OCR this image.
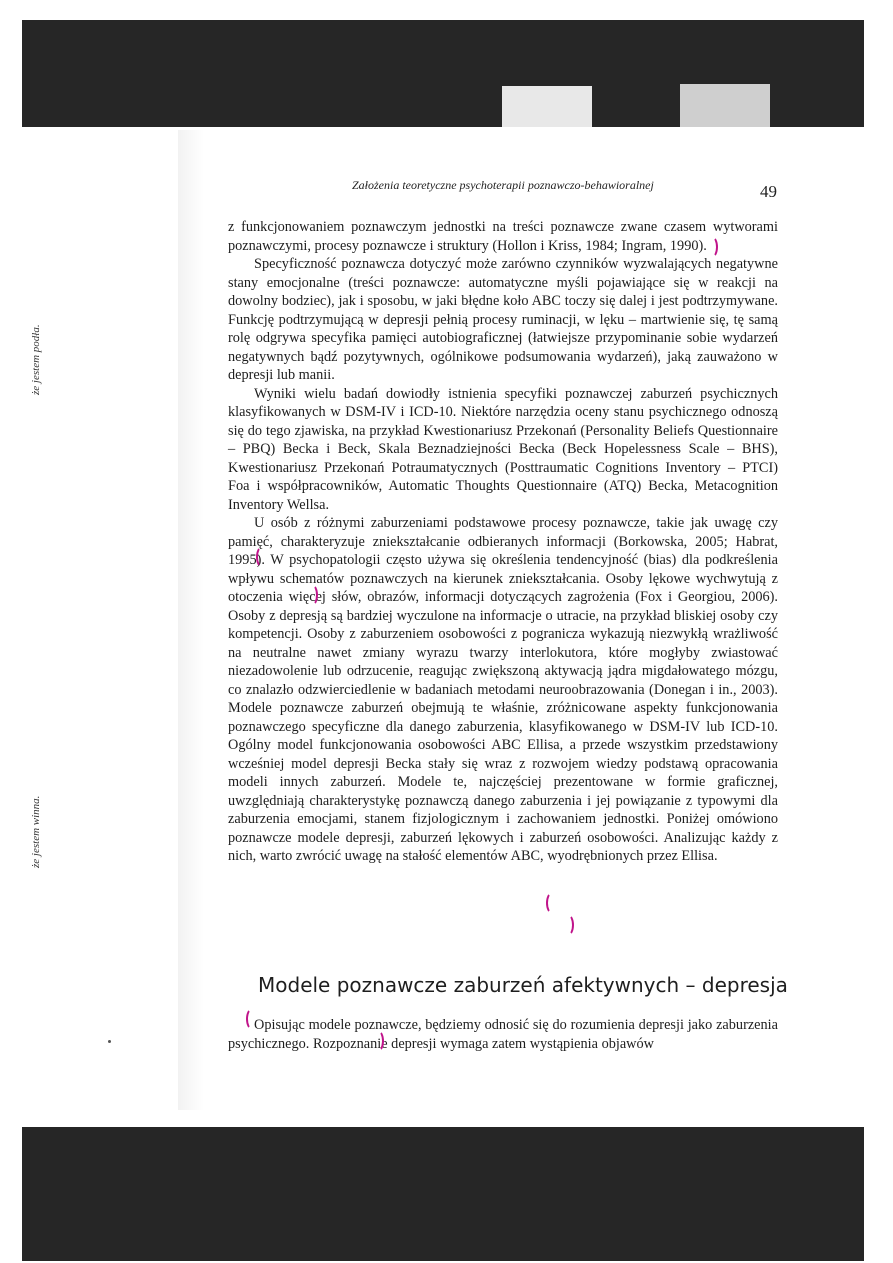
że jestem podła.
że jestem winna.
Założenia teoretyczne psychoterapii poznawczo-behawioralnej	49

z funkcjonowaniem poznawczym jednostki na treści poznawcze zwane czasem wytworami poznawczymi, procesy poznawcze i struktury (Hollon i Kriss, 1984; Ingram, 1990).

Specyficzność poznawcza dotyczyć może zarówno czynników wyzwalających negatywne stany emocjonalne (treści poznawcze: automatyczne myśli pojawiające się w reakcji na dowolny bodziec), jak i sposobu, w jaki błędne koło ABC toczy się dalej i jest podtrzymywane. Funkcję podtrzymującą w depresji pełnią procesy ruminacji, w lęku – martwienie się, tę samą rolę odgrywa specyfika pamięci autobiograficznej (łatwiejsze przypominanie sobie wydarzeń negatywnych bądź pozytywnych, ogólnikowe podsumowania wydarzeń), jaką zauważono w depresji lub manii.

Wyniki wielu badań dowiodły istnienia specyfiki poznawczej zaburzeń psychicznych klasyfikowanych w DSM-IV i ICD-10. Niektóre narzędzia oceny stanu psychicznego odnoszą się do tego zjawiska, na przykład Kwestionariusz Przekonań (Personality Beliefs Questionnaire – PBQ) Becka i Beck, Skala Beznadziejności Becka (Beck Hopelessness Scale – BHS), Kwestionariusz Przekonań Potraumatycznych (Posttraumatic Cognitions Inventory – PTCI) Foa i współpracowników, Automatic Thoughts Questionnaire (ATQ) Becka, Metacognition Inventory Wellsa.

U osób z różnymi zaburzeniami podstawowe procesy poznawcze, takie jak uwagę czy pamięć, charakteryzuje zniekształcanie odbieranych informacji (Borkowska, 2005; Habrat, 1995). W psychopatologii często używa się określenia tendencyjność (bias) dla podkreślenia wpływu schematów poznawczych na kierunek zniekształcania. Osoby lękowe wychwytują z otoczenia więcej słów, obrazów, informacji dotyczących zagrożenia (Fox i Georgiou, 2006). Osoby z depresją są bardziej wyczulone na informacje o utracie, na przykład bliskiej osoby czy kompetencji. Osoby z zaburzeniem osobowości z pogranicza wykazują niezwykłą wrażliwość na neutralne nawet zmiany wyrazu twarzy interlokutora, które mogłyby zwiastować niezadowolenie lub odrzucenie, reagując zwiększoną aktywacją jądra migdałowatego mózgu, co znalazło odzwierciedlenie w badaniach metodami neuroobrazowania (Donegan i in., 2003). Modele poznawcze zaburzeń obejmują te właśnie, zróżnicowane aspekty funkcjonowania poznawczego specyficzne dla danego zaburzenia, klasyfikowanego w DSM-IV lub ICD-10. Ogólny model funkcjonowania osobowości ABC Ellisa, a przede wszystkim przedstawiony wcześniej model depresji Becka stały się wraz z rozwojem wiedzy podstawą opracowania modeli innych zaburzeń. Modele te, najczęściej prezentowane w formie graficznej, uwzględniają charakterystykę poznawczą danego zaburzenia i jej powiązanie z typowymi dla zaburzenia emocjami, stanem fizjologicznym i zachowaniem jednostki. Poniżej omówiono poznawcze modele depresji, zaburzeń lękowych i zaburzeń osobowości. Analizując każdy z nich, warto zwrócić uwagę na stałość elementów ABC, wyodrębnionych przez Ellisa.

Modele poznawcze zaburzeń afektywnych – depresja

Opisując modele poznawcze, będziemy odnosić się do rozumienia depresji jako zaburzenia psychicznego. Rozpoznanie depresji wymaga zatem wystąpienia objawów
